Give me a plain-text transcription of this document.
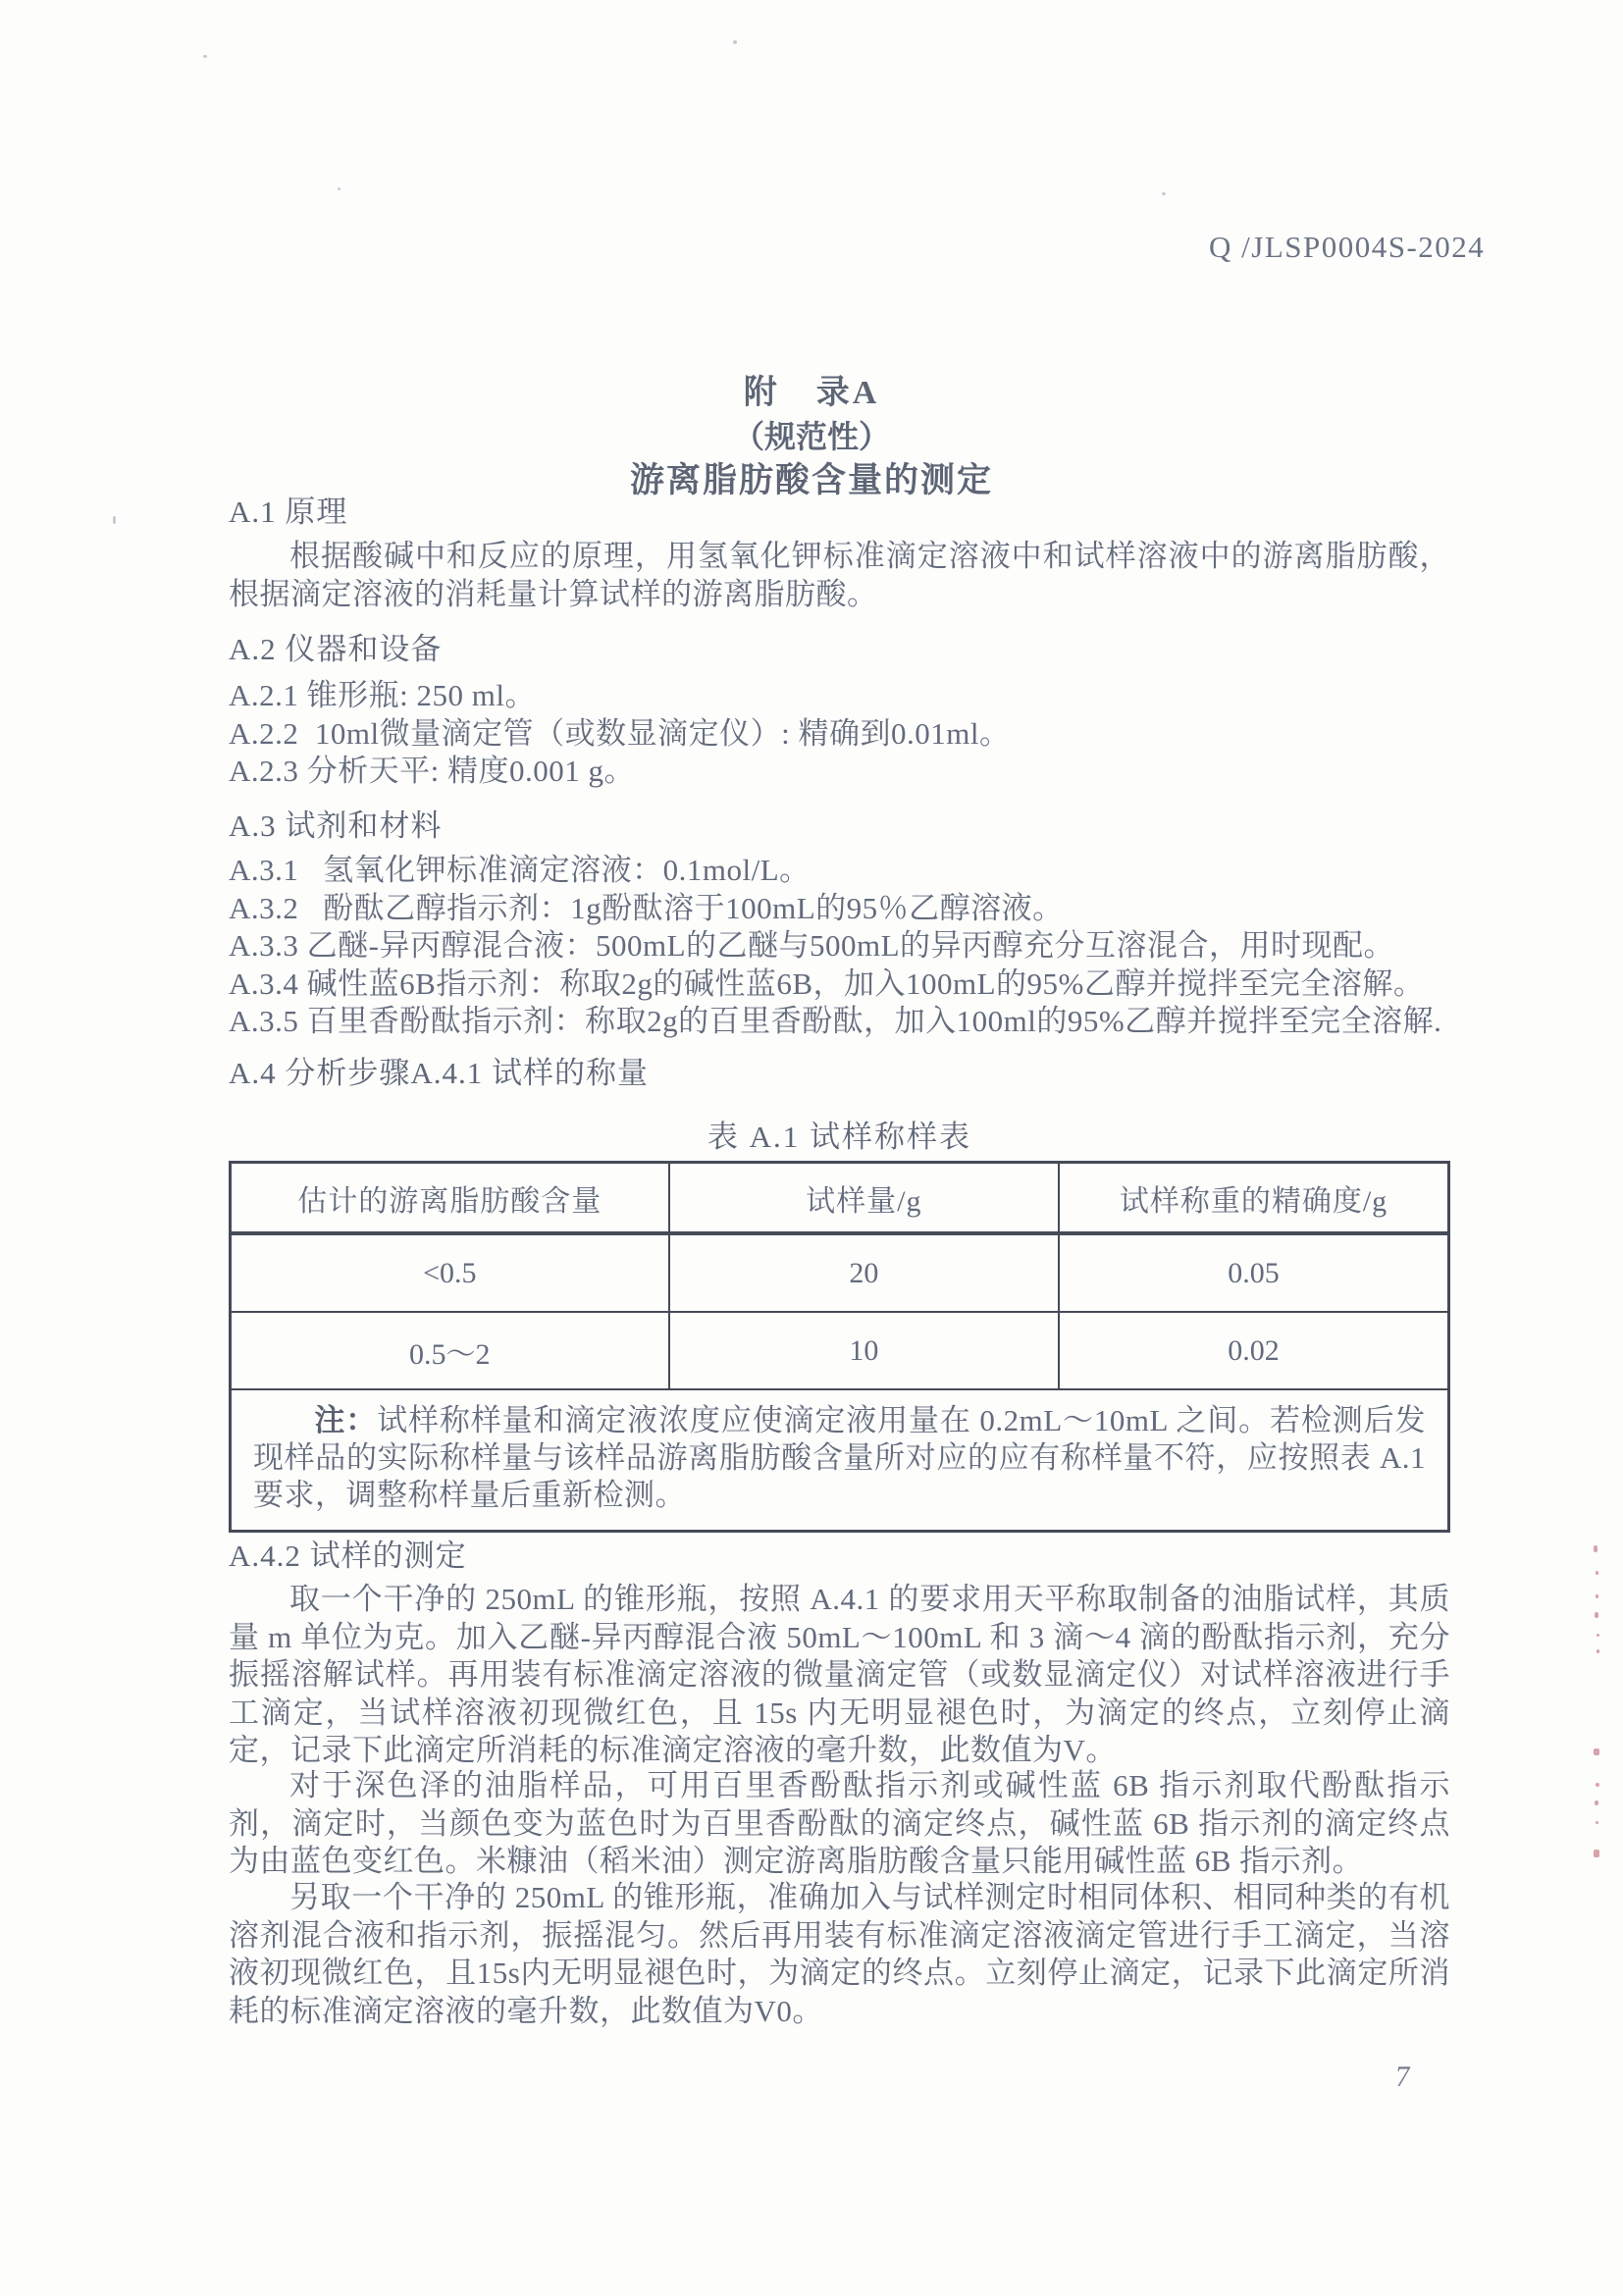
Q /JLSP0004S-2024
附　录A
（规范性）
游离脂肪酸含量的测定
A.1 原理
根据酸碱中和反应的原理，用氢氧化钾标准滴定溶液中和试样溶液中的游离脂肪酸，根据滴定溶液的消耗量计算试样的游离脂肪酸。
A.2 仪器和设备
A.2.1 锥形瓶: 250 ml。
A.2.2  10ml微量滴定管（或数显滴定仪）: 精确到0.01ml。
A.2.3 分析天平: 精度0.001 g。
A.3 试剂和材料
A.3.1   氢氧化钾标准滴定溶液：0.1mol/L。
A.3.2   酚酞乙醇指示剂：1g酚酞溶于100mL的95％乙醇溶液。
A.3.3 乙醚-异丙醇混合液：500mL的乙醚与500mL的异丙醇充分互溶混合，用时现配。
A.3.4 碱性蓝6B指示剂：称取2g的碱性蓝6B，加入100mL的95%乙醇并搅拌至完全溶解。
A.3.5 百里香酚酞指示剂：称取2g的百里香酚酞，加入100ml的95%乙醇并搅拌至完全溶解.
A.4 分析步骤A.4.1 试样的称量
表 A.1 试样称样表
估计的游离脂肪酸含量	试样量/g	试样称重的精确度/g
<0.5	20	0.05
0.5～2	10	0.02
注：试样称样量和滴定液浓度应使滴定液用量在 0.2mL～10mL 之间。若检测后发现样品的实际称样量与该样品游离脂肪酸含量所对应的应有称样量不符，应按照表 A.1 要求，调整称样量后重新检测。		
A.4.2 试样的测定
取一个干净的 250mL 的锥形瓶，按照 A.4.1 的要求用天平称取制备的油脂试样，其质量 m 单位为克。加入乙醚-异丙醇混合液 50mL～100mL 和 3 滴～4 滴的酚酞指示剂，充分振摇溶解试样。再用装有标准滴定溶液的微量滴定管（或数显滴定仪）对试样溶液进行手工滴定，当试样溶液初现微红色，且 15s 内无明显褪色时，为滴定的终点，立刻停止滴定，记录下此滴定所消耗的标准滴定溶液的毫升数，此数值为V。
对于深色泽的油脂样品，可用百里香酚酞指示剂或碱性蓝 6B 指示剂取代酚酞指示剂，滴定时，当颜色变为蓝色时为百里香酚酞的滴定终点，碱性蓝 6B 指示剂的滴定终点为由蓝色变红色。米糠油（稻米油）测定游离脂肪酸含量只能用碱性蓝 6B 指示剂。
另取一个干净的 250mL 的锥形瓶，准确加入与试样测定时相同体积、相同种类的有机溶剂混合液和指示剂，振摇混匀。然后再用装有标准滴定溶液滴定管进行手工滴定，当溶液初现微红色，且15s内无明显褪色时，为滴定的终点。立刻停止滴定，记录下此滴定所消耗的标准滴定溶液的毫升数，此数值为V0。
7
